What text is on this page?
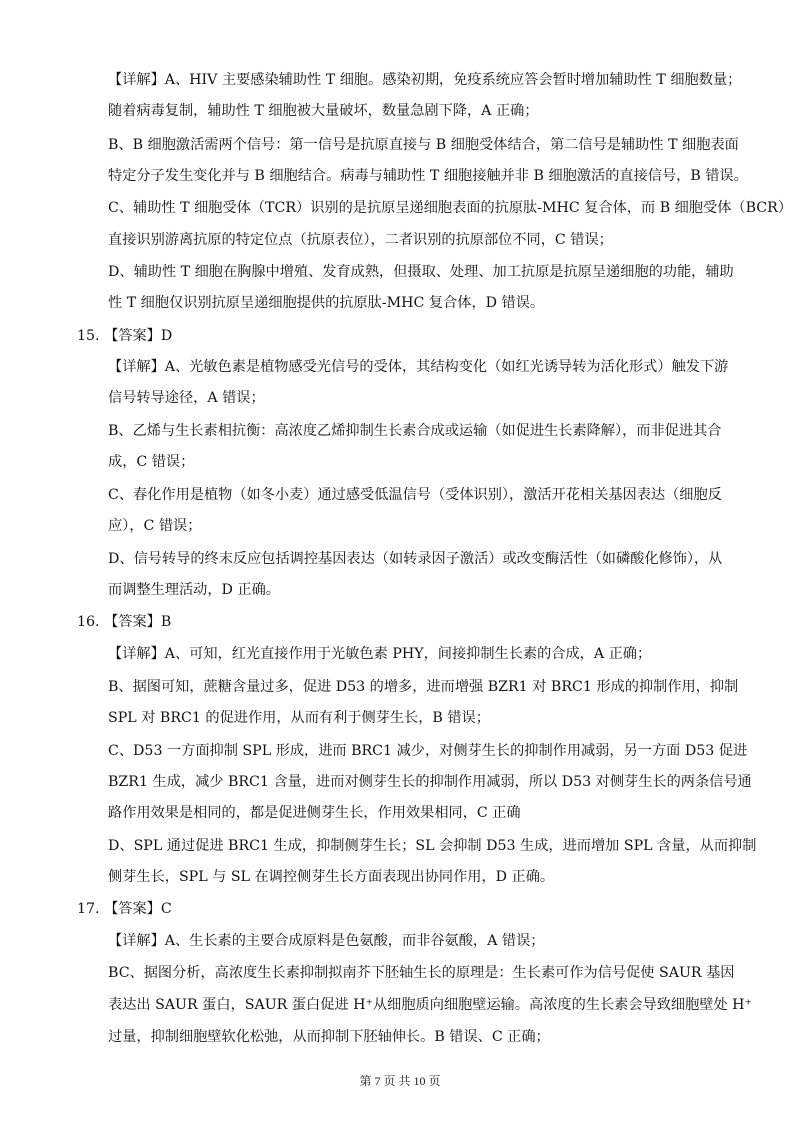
【详解】A、HIV 主要感染辅助性 T 细胞。感染初期，免疫系统应答会暂时增加辅助性 T 细胞数量；
随着病毒复制，辅助性 T 细胞被大量破坏，数量急剧下降，A 正确；
B、B 细胞激活需两个信号：第一信号是抗原直接与 B 细胞受体结合，第二信号是辅助性 T 细胞表面
特定分子发生变化并与 B 细胞结合。病毒与辅助性 T 细胞接触并非 B 细胞激活的直接信号，B 错误。
C、辅助性 T 细胞受体（TCR）识别的是抗原呈递细胞表面的抗原肽-MHC 复合体，而 B 细胞受体（BCR）
直接识别游离抗原的特定位点（抗原表位），二者识别的抗原部位不同，C 错误；
D、辅助性 T 细胞在胸腺中增殖、发育成熟，但摄取、处理、加工抗原是抗原呈递细胞的功能，辅助
性 T 细胞仅识别抗原呈递细胞提供的抗原肽-MHC 复合体，D 错误。
15. 【答案】D
【详解】A、光敏色素是植物感受光信号的受体，其结构变化（如红光诱导转为活化形式）触发下游
信号转导途径，A 错误；
B、乙烯与生长素相抗衡：高浓度乙烯抑制生长素合成或运输（如促进生长素降解），而非促进其合
成，C 错误；
C、春化作用是植物（如冬小麦）通过感受低温信号（受体识别），激活开花相关基因表达（细胞反
应），C 错误；
D、信号转导的终末反应包括调控基因表达（如转录因子激活）或改变酶活性（如磷酸化修饰），从
而调整生理活动，D 正确。
16. 【答案】B
【详解】A、可知，红光直接作用于光敏色素 PHY，间接抑制生长素的合成，A 正确；
B、据图可知，蔗糖含量过多，促进 D53 的增多，进而增强 BZR1 对 BRC1 形成的抑制作用，抑制
SPL 对 BRC1 的促进作用，从而有利于侧芽生长，B 错误；
C、D53 一方面抑制 SPL 形成，进而 BRC1 减少，对侧芽生长的抑制作用减弱，另一方面 D53 促进
BZR1 生成，减少 BRC1 含量，进而对侧芽生长的抑制作用减弱，所以 D53 对侧芽生长的两条信号通
路作用效果是相同的，都是促进侧芽生长，作用效果相同，C 正确
D、SPL 通过促进 BRC1 生成，抑制侧芽生长；SL 会抑制 D53 生成，进而增加 SPL 含量，从而抑制
侧芽生长，SPL 与 SL 在调控侧芽生长方面表现出协同作用，D 正确。
17. 【答案】C
【详解】A、生长素的主要合成原料是色氨酸，而非谷氨酸，A 错误；
BC、据图分析，高浓度生长素抑制拟南芥下胚轴生长的原理是：生长素可作为信号促使 SAUR 基因
表达出 SAUR 蛋白，SAUR 蛋白促进 H⁺从细胞质向细胞壁运输。高浓度的生长素会导致细胞壁处 H⁺
过量，抑制细胞壁软化松弛，从而抑制下胚轴伸长。B 错误、C 正确；
第 7 页 共 10 页
